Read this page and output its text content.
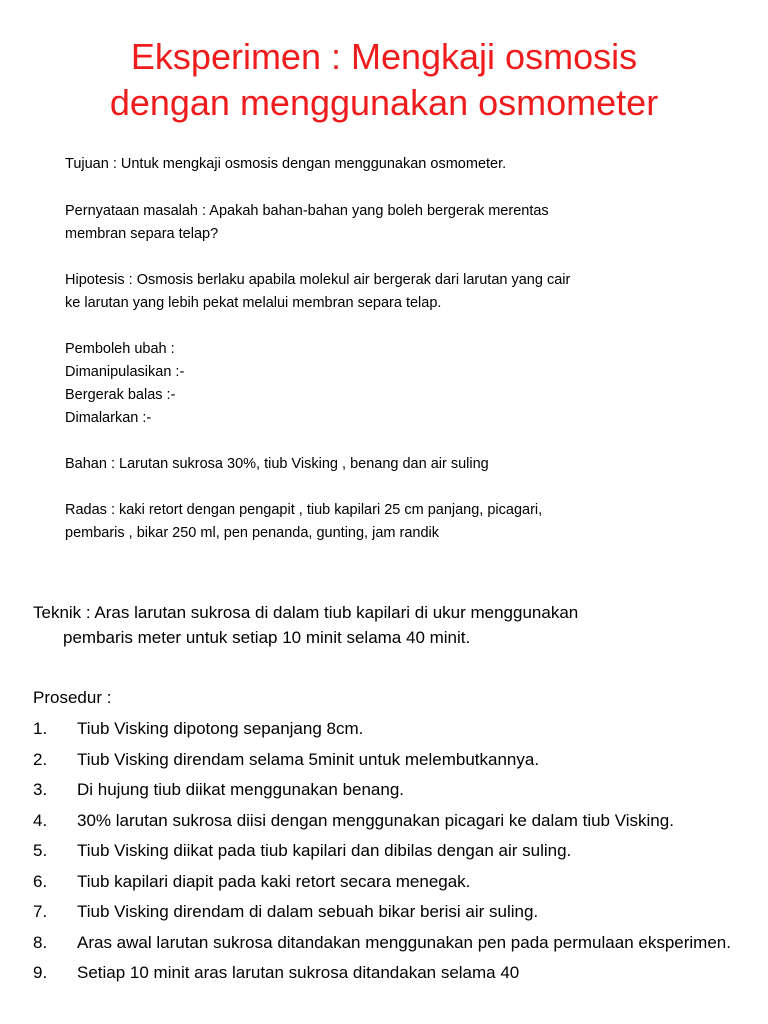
Eksperimen : Mengkaji osmosis
dengan menggunakan osmometer

Tujuan : Untuk mengkaji osmosis dengan menggunakan osmometer.

Pernyataan masalah : Apakah bahan-bahan yang boleh bergerak merentas

membran separa telap?

Hipotesis : Osmosis berlaku apabila molekul air bergerak dari larutan yang cair

ke larutan yang lebih pekat melalui membran separa telap.

Pemboleh ubah :

Dimanipulasikan :-

Bergerak balas :-

Dimalarkan :-

Bahan : Larutan sukrosa 30%, tiub Visking , benang dan air suling

Radas : kaki retort dengan pengapit , tiub kapilari 25 cm panjang, picagari,

pembaris , bikar 250 ml, pen penanda, gunting, jam randik

Teknik : Aras larutan sukrosa di dalam tiub kapilari di ukur menggunakan
pembaris meter untuk setiap 10 minit selama 40 minit.

Prosedur :

1.	Tiub Visking dipotong sepanjang 8cm.
2.	Tiub Visking direndam selama 5minit untuk melembutkannya.
3.	Di hujung tiub diikat menggunakan benang.
4.	30% larutan sukrosa diisi dengan menggunakan picagari ke dalam tiub Visking.
5.	Tiub Visking diikat pada tiub kapilari dan dibilas dengan air suling.
6.	Tiub kapilari diapit pada kaki retort secara menegak.
7.	Tiub Visking direndam di dalam sebuah bikar berisi air suling.
8.	Aras awal larutan sukrosa ditandakan menggunakan pen pada permulaan eksperimen.
9.	Setiap 10 minit aras larutan sukrosa ditandakan selama 40
